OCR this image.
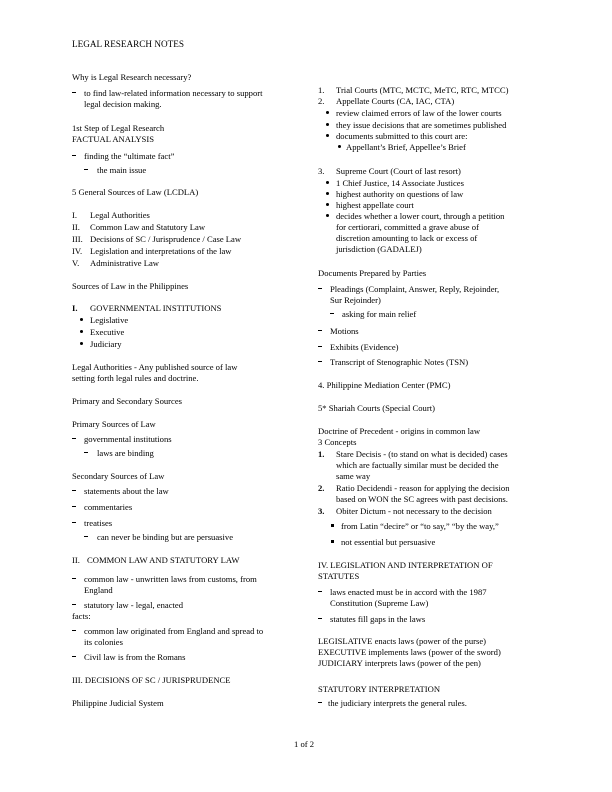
LEGAL RESEARCH NOTES
Why is Legal Research necessary?
to find law-related information necessary to support
legal decision making.
1st Step of Legal Research
FACTUAL ANALYSIS
finding the “ultimate fact”
the main issue
5 General Sources of Law (LCDLA)
I. Legal Authorities
II. Common Law and Statutory Law
III. Decisions of SC / Jurisprudence / Case Law
IV. Legislation and interpretations of the law
V. Administrative Law
Sources of Law in the Philippines
I. GOVERNMENTAL INSTITUTIONS
Legislative
Executive
Judiciary
Legal Authorities - Any published source of law
setting forth legal rules and doctrine.
Primary and Secondary Sources
Primary Sources of Law
governmental institutions
laws are binding
Secondary Sources of Law
statements about the law
commentaries
treatises
can never be binding but are persuasive
II. COMMON LAW AND STATUTORY LAW
common law - unwritten laws from customs, from
England
statutory law - legal, enacted
facts:
common law originated from England and spread to
its colonies
Civil law is from the Romans
III. DECISIONS OF SC / JURISPRUDENCE
Philippine Judicial System
1. Trial Courts (MTC, MCTC, MeTC, RTC, MTCC)
2. Appellate Courts (CA, IAC, CTA)
review claimed errors of law of the lower courts
they issue decisions that are sometimes published
documents submitted to this court are:
Appellant’s Brief, Appellee’s Brief
3. Supreme Court (Court of last resort)
1 Chief Justice, 14 Associate Justices
highest authority on questions of law
highest appellate court
decides whether a lower court, through a petition
for certiorari, committed a grave abuse of
discretion amounting to lack or excess of
jurisdiction (GADALEJ)
Documents Prepared by Parties
Pleadings (Complaint, Answer, Reply, Rejoinder,
Sur Rejoinder)
asking for main relief
Motions
Exhibits (Evidence)
Transcript of Stenographic Notes (TSN)
4. Philippine Mediation Center (PMC)
5* Shariah Courts (Special Court)
Doctrine of Precedent - origins in common law
3 Concepts
1. Stare Decisis - (to stand on what is decided) cases
which are factually similar must be decided the
same way
2. Ratio Decidendi - reason for applying the decision
based on WON the SC agrees with past decisions.
3. Obiter Dictum - not necessary to the decision
from Latin “decire” or “to say,” “by the way,”
not essential but persuasive
IV. LEGISLATION AND INTERPRETATION OF
STATUTES
laws enacted must be in accord with the 1987
Constitution (Supreme Law)
statutes fill gaps in the laws
LEGISLATIVE enacts laws (power of the purse)
EXECUTIVE implements laws (power of the sword)
JUDICIARY interprets laws (power of the pen)
STATUTORY INTERPRETATION
the judiciary interprets the general rules.
1 of 2
